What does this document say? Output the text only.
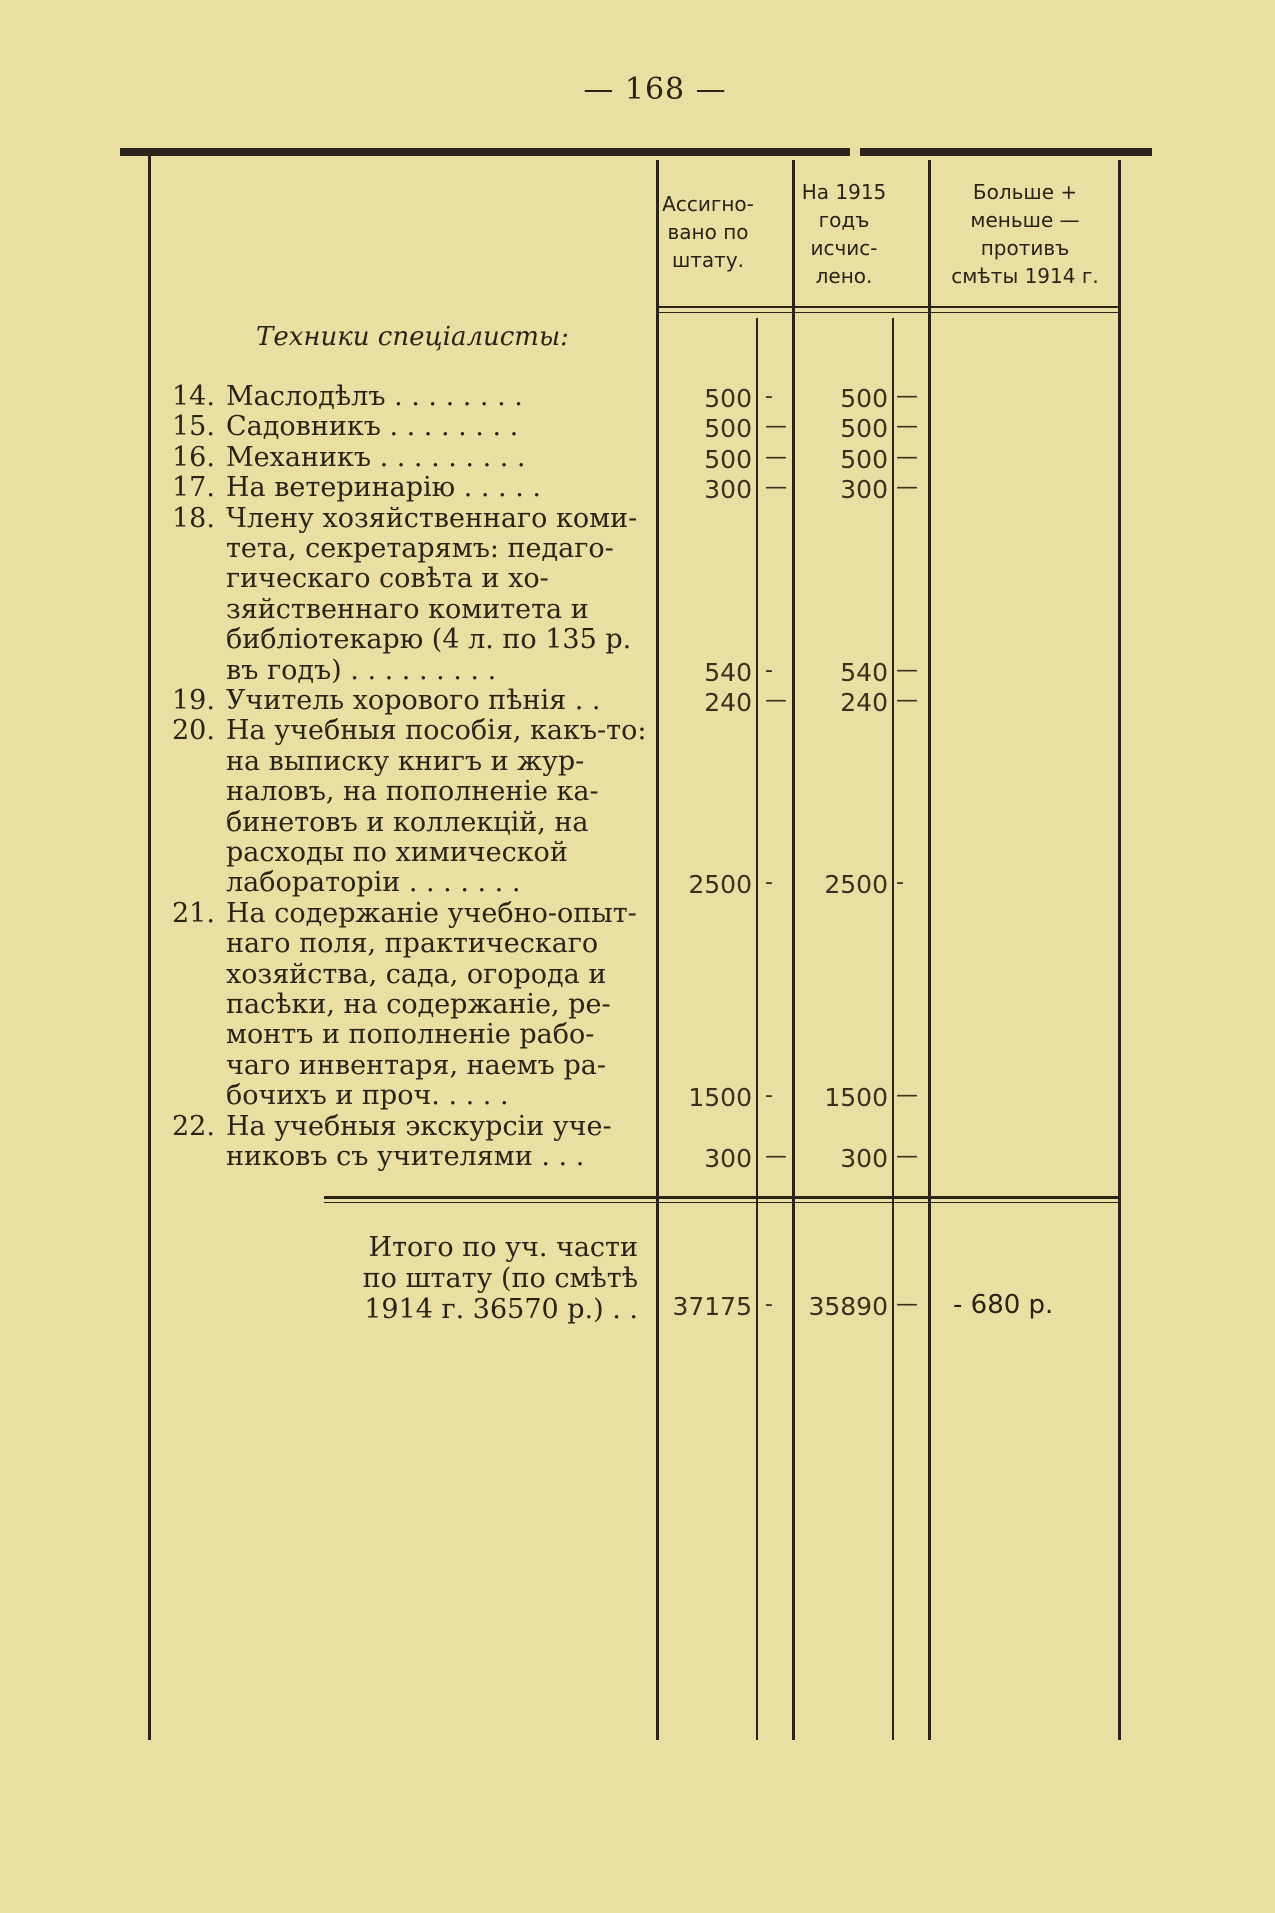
— 168 —
Ассигно-
вано по
штату.
На 1915
годъ
исчис-
лено.
Больше +
меньше —
противъ
смѣты 1914 г.
Техники спеціалисты:
14. Маслодѣлъ . . . . . . . .	500 -	500 —
15. Садовникъ . . . . . . . .	500 —	500 —
16. Механикъ . . . . . . . . .	500 —	500 —
17. На ветеринарію . . . . .	300 —	300 —
18. Члену хозяйственнаго коми-
тета, секретарямъ: педаго-
гическаго совѣта и хо-
зяйственнаго комитета и
библіотекарю (4 л. по 135 р.
въ годъ) . . . . . . . . .	540 -	540 —
19. Учитель хорового пѣнія . .	240 —	240 —
20. На учебныя пособія, какъ-то:
на выписку книгъ и жур-
наловъ, на пополненіе ка-
бинетовъ и коллекцій, на
расходы по химической
лабораторіи . . . . . . .	2500 -	2500 -
21. На содержаніе учебно-опыт-
наго поля, практическаго
хозяйства, сада, огорода и
пасѣки, на содержаніе, ре-
монтъ и пополненіе рабо-
чаго инвентаря, наемъ ра-
бочихъ и проч. . . . .	1500 -	1500 —
22. На учебныя экскурсіи уче-
никовъ съ учителями . . .	300 —	300 —
Итого по уч. части
по штату (по смѣтѣ
1914 г. 36570 р.) . .	37175 -	35890 — - 680 р.
